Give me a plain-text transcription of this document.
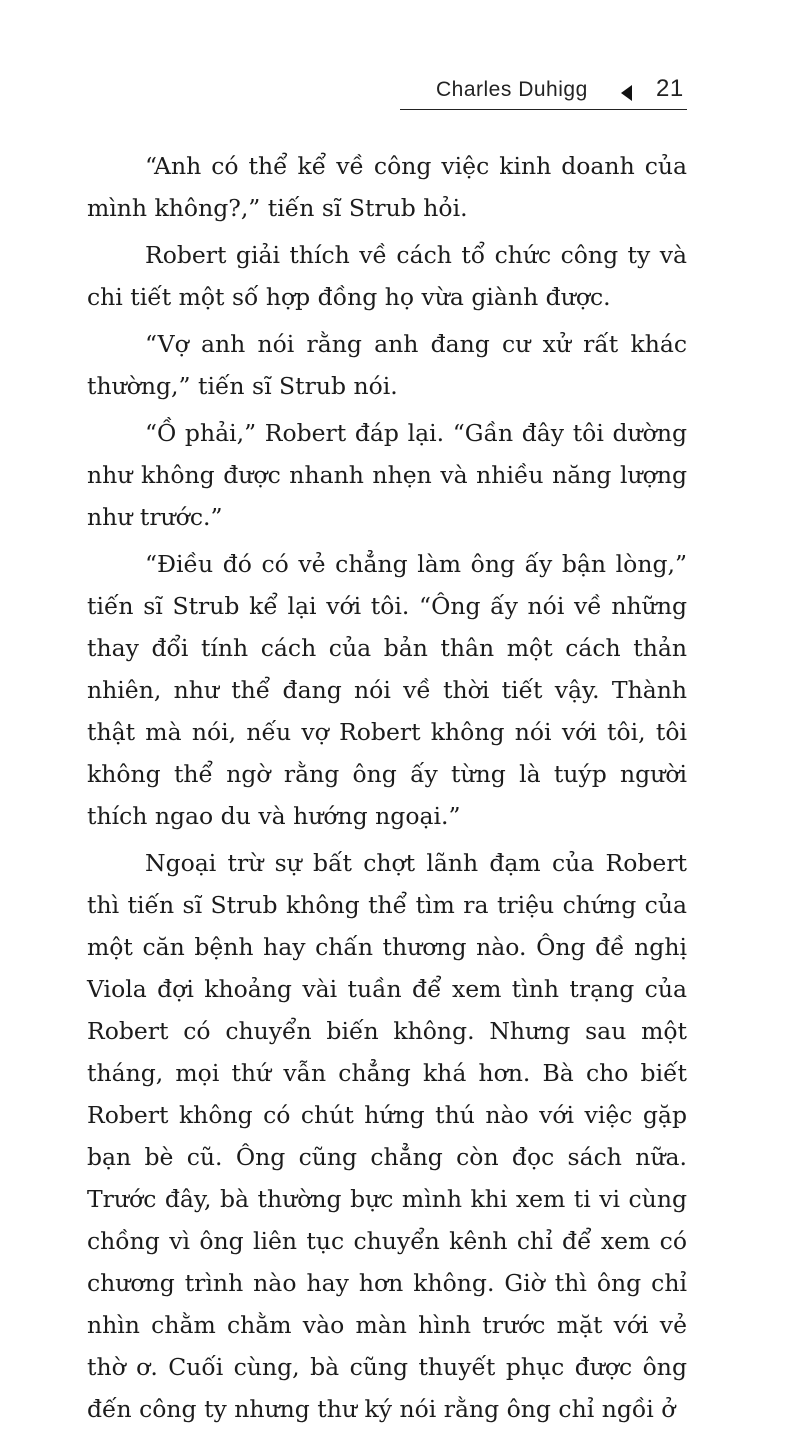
Charles Duhigg	21

“Anh có thể kể về công việc kinh doanh của mình không?,” tiến sĩ Strub hỏi.

Robert giải thích về cách tổ chức công ty và chi tiết một số hợp đồng họ vừa giành được.

“Vợ anh nói rằng anh đang cư xử rất khác thường,” tiến sĩ Strub nói.

“Ồ phải,” Robert đáp lại. “Gần đây tôi dường như không được nhanh nhẹn và nhiều năng lượng như trước.”

“Điều đó có vẻ chẳng làm ông ấy bận lòng,” tiến sĩ Strub kể lại với tôi. “Ông ấy nói về những thay đổi tính cách của bản thân một cách thản nhiên, như thể đang nói về thời tiết vậy. Thành thật mà nói, nếu vợ Robert không nói với tôi, tôi không thể ngờ rằng ông ấy từng là tuýp người thích ngao du và hướng ngoại.”

Ngoại trừ sự bất chợt lãnh đạm của Robert thì tiến sĩ Strub không thể tìm ra triệu chứng của một căn bệnh hay chấn thương nào. Ông đề nghị Viola đợi khoảng vài tuần để xem tình trạng của Robert có chuyển biến không. Nhưng sau một tháng, mọi thứ vẫn chẳng khá hơn. Bà cho biết Robert không có chút hứng thú nào với việc gặp bạn bè cũ. Ông cũng chẳng còn đọc sách nữa. Trước đây, bà thường bực mình khi xem ti vi cùng chồng vì ông liên tục chuyển kênh chỉ để xem có chương trình nào hay hơn không. Giờ thì ông chỉ nhìn chằm chằm vào màn hình trước mặt với vẻ thờ ơ. Cuối cùng, bà cũng thuyết phục được ông đến công ty nhưng thư ký nói rằng ông chỉ ngồi ở
